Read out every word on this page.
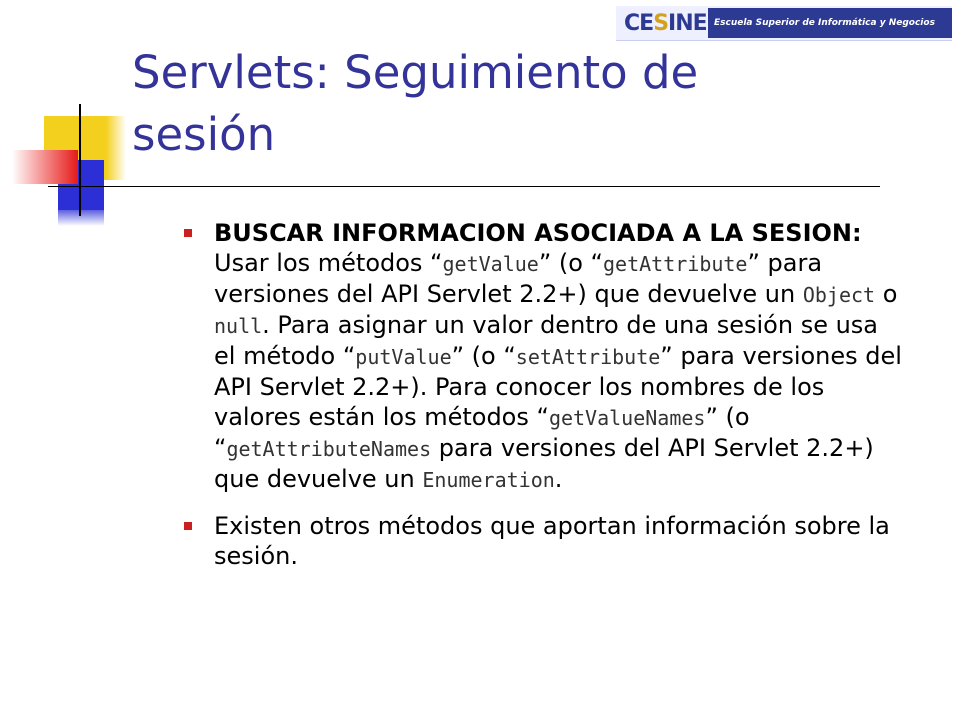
CESINE Escuela Superior de Informática y Negocios
Servlets: Seguimiento de sesión
BUSCAR INFORMACION ASOCIADA A LA SESION: Usar los métodos “getValue” (o “getAttribute” para versiones del API Servlet 2.2+) que devuelve un Object o null. Para asignar un valor dentro de una sesión se usa el método “putValue” (o “setAttribute” para versiones del API Servlet 2.2+). Para conocer los nombres de los valores están los métodos “getValueNames” (o “getAttributeNames para versiones del API Servlet 2.2+) que devuelve un Enumeration.
Existen otros métodos que aportan información sobre la sesión.
